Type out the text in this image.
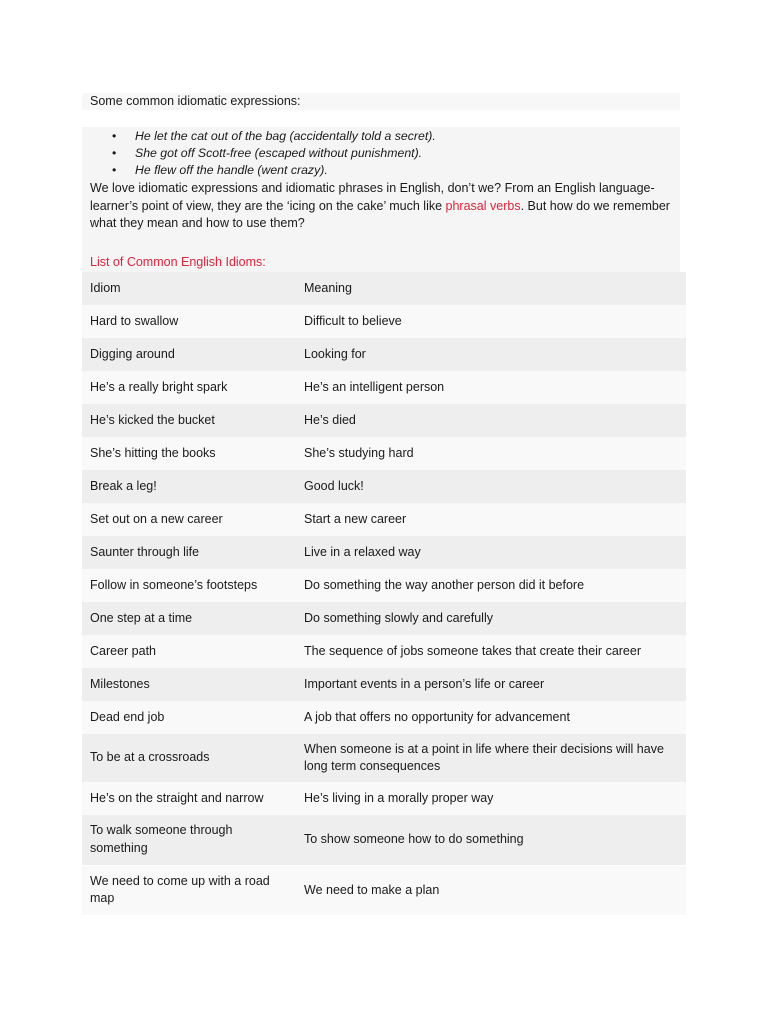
Some common idiomatic expressions:
• He let the cat out of the bag (accidentally told a secret).
• She got off Scott-free (escaped without punishment).
• He flew off the handle (went crazy).

We love idiomatic expressions and idiomatic phrases in English, don’t we? From an English language-learner’s point of view, they are the ‘icing on the cake’ much like phrasal verbs. But how do we remember what they mean and how to use them?

List of Common English Idioms:
Idiom	Meaning
Hard to swallow	Difficult to believe
Digging around	Looking for
He’s a really bright spark	He’s an intelligent person
He’s kicked the bucket	He’s died
She’s hitting the books	She’s studying hard
Break a leg!	Good luck!
Set out on a new career	Start a new career
Saunter through life	Live in a relaxed way
Follow in someone’s footsteps	Do something the way another person did it before
One step at a time	Do something slowly and carefully
Career path	The sequence of jobs someone takes that create their career
Milestones	Important events in a person’s life or career
Dead end job	A job that offers no opportunity for advancement
To be at a crossroads	When someone is at a point in life where their decisions will have long term consequences
He’s on the straight and narrow	He’s living in a morally proper way
To walk someone through something	To show someone how to do something
We need to come up with a road map	We need to make a plan
